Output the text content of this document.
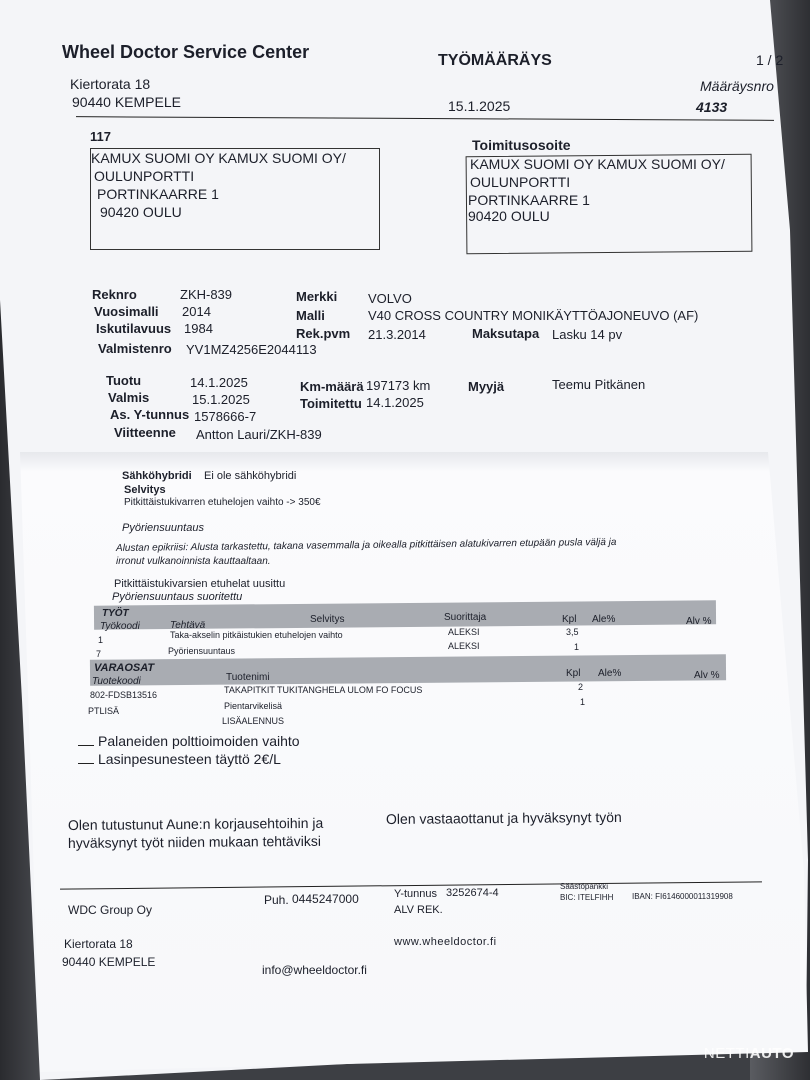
Wheel Doctor Service Center
Kiertorata 18
90440 KEMPELE
TYÖMÄÄRÄYS
15.1.2025
1 / 2
Määräysnro
4133
117
KAMUX SUOMI OY KAMUX SUOMI OY/
OULUNPORTTI
PORTINKAARRE 1
90420 OULU
Toimitusosoite
KAMUX SUOMI OY KAMUX SUOMI OY/
OULUNPORTTI
PORTINKAARRE 1
90420 OULU
Reknro	ZKH-839
Vuosimalli 2014
Iskutilavuus 1984
Valmistenro YV1MZ4256E2044113
Merkki VOLVO
Malli	V40 CROSS COUNTRY MONIKÄYTTÖAJONEUVO (AF)
Rek.pvm 21.3.2014	Maksutapa Lasku 14 pv
Tuotu	14.1.2025
Valmis	15.1.2025
As. Y-tunnus 1578666-7
Viitteenne Antton Lauri/ZKH-839
Km-määrä 197173 km
Toimitettu 14.1.2025
Myyjä	Teemu Pitkänen
Sähköhybridi Ei ole sähköhybridi
Selvitys
Pitkittäistukivarren etuhelojen vaihto -> 350€
Pyöriensuuntaus
Alustan epikriisi: Alusta tarkastettu, takana vasemmalla ja oikealla pitkittäisen alatukivarren etupään pusla väljä ja
irronut vulkanoinnista kauttaaltaan.
Pitkittäistukivarsien etuhelat uusittu
Pyöriensuuntaus suoritettu
TYÖT
Työkoodi	Tehtävä
Selvitys	Suorittaja	Kpl Ale%	Alv %
1	Taka-akselin pitkäistukien etuhelojen vaihto	ALEKSI	3,5
7	Pyöriensuuntaus	ALEKSI	1
VARAOSAT
Tuotekoodi	Tuotenimi	Kpl Ale%	Alv %
802-FDSB13516	TAKAPITKIT TUKITANGHELA ULOM FO FOCUS	2
PTLISÄ	Pientarvikelisä	1
LISÄALENNUS
Palaneiden polttioimoiden vaihto
Lasinpesunesteen täyttö 2€/L
Olen tutustunut Aune:n korjausehtoihin ja
hyväksynyt työt niiden mukaan tehtäviksi
Olen vastaaottanut ja hyväksynyt työn
WDC Group Oy
Puh. 0445247000	Y-tunnus 3252674-4
ALV REK.
Säästöpankki
BIC: ITELFIHH IBAN: FI6146000011319908
Kiertorata 18
90440 KEMPELE
www.wheeldoctor.fi
info@wheeldoctor.fi
NETTIAUTO
